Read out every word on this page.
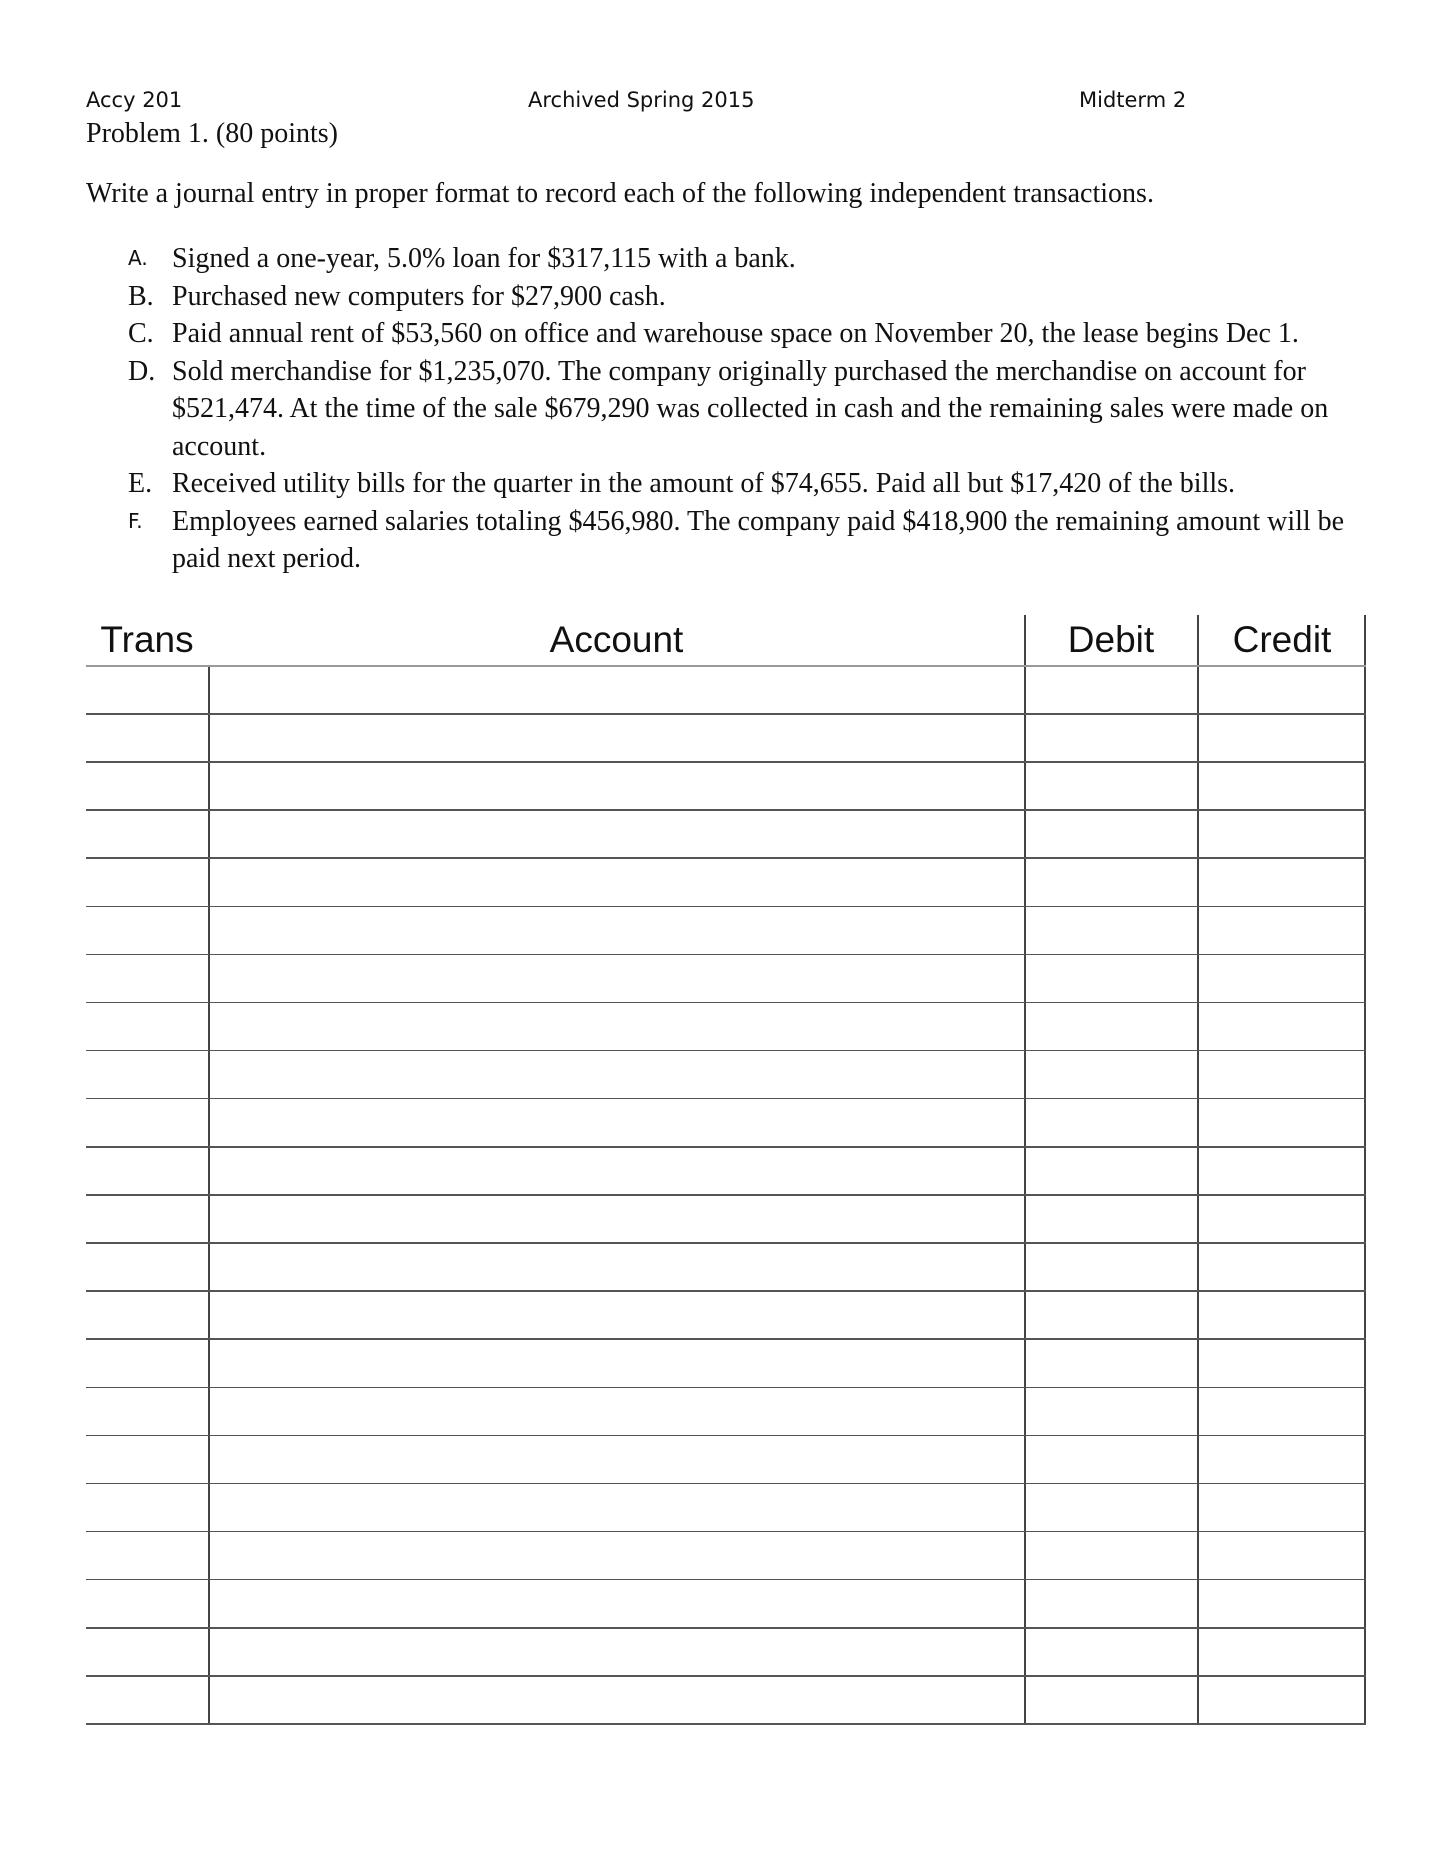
Accy 201	Archived Spring 2015	Midterm 2
Problem 1. (80 points)
Write a journal entry in proper format to record each of the following independent transactions.
A. Signed a one-year, 5.0% loan for $317,115 with a bank.
B. Purchased new computers for $27,900 cash.
C. Paid annual rent of $53,560 on office and warehouse space on November 20, the lease begins Dec 1.
D. Sold merchandise for $1,235,070. The company originally purchased the merchandise on account for $521,474. At the time of the sale $679,290 was collected in cash and the remaining sales were made on account.
E. Received utility bills for the quarter in the amount of $74,655. Paid all but $17,420 of the bills.
F. Employees earned salaries totaling $456,980. The company paid $418,900 the remaining amount will be paid next period.
Trans	Account	Debit	Credit
